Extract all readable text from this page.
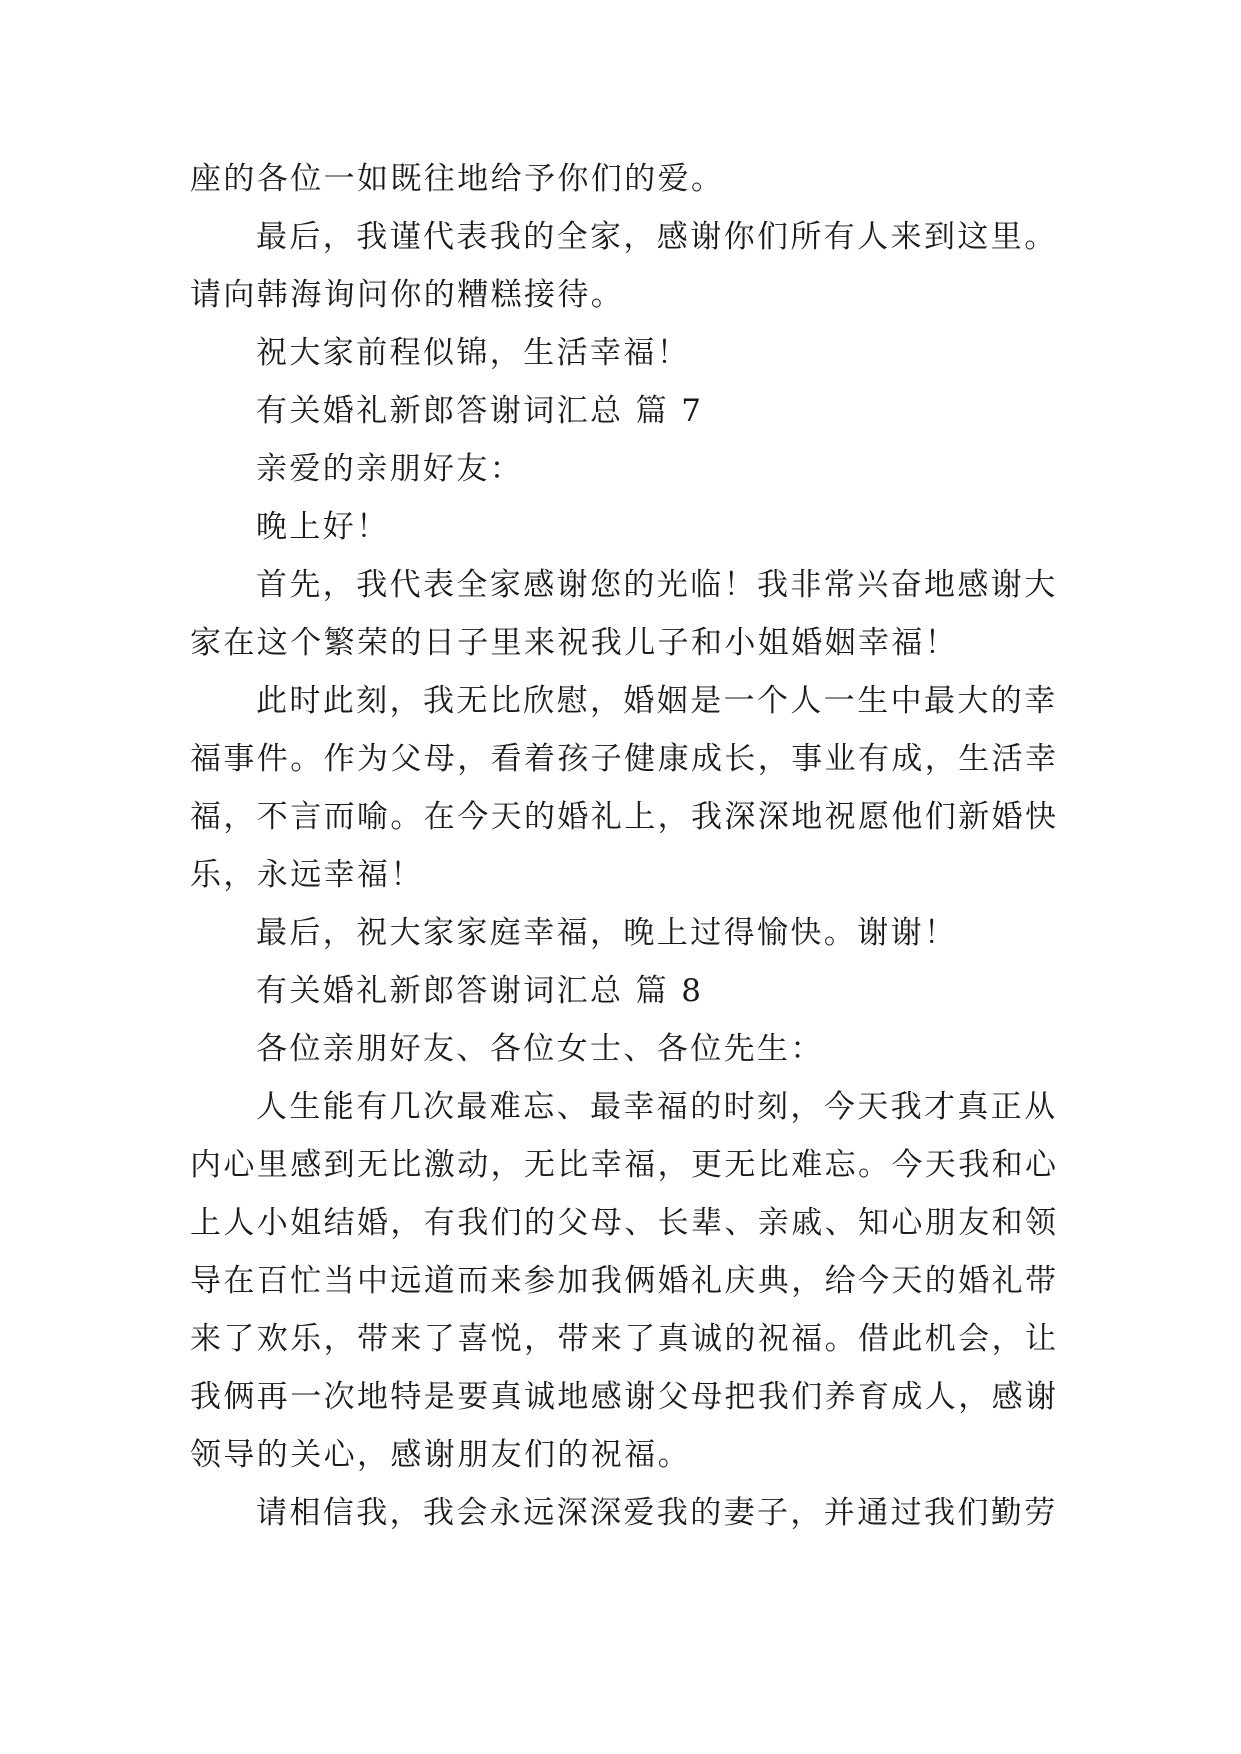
座的各位一如既往地给予你们的爱。

最后，我谨代表我的全家，感谢你们所有人来到这里。请向韩海询问你的糟糕接待。

祝大家前程似锦，生活幸福！

有关婚礼新郎答谢词汇总 篇 7

亲爱的亲朋好友：

晚上好！

首先，我代表全家感谢您的光临！我非常兴奋地感谢大家在这个繁荣的日子里来祝我儿子和小姐婚姻幸福！

此时此刻，我无比欣慰，婚姻是一个人一生中最大的幸福事件。作为父母，看着孩子健康成长，事业有成，生活幸福，不言而喻。在今天的婚礼上，我深深地祝愿他们新婚快乐，永远幸福！

最后，祝大家家庭幸福，晚上过得愉快。谢谢！

有关婚礼新郎答谢词汇总 篇 8

各位亲朋好友、各位女士、各位先生：

人生能有几次最难忘、最幸福的时刻，今天我才真正从内心里感到无比激动，无比幸福，更无比难忘。今天我和心上人小姐结婚，有我们的父母、长辈、亲戚、知心朋友和领导在百忙当中远道而来参加我俩婚礼庆典，给今天的婚礼带来了欢乐，带来了喜悦，带来了真诚的祝福。借此机会，让我俩再一次地特是要真诚地感谢父母把我们养育成人，感谢领导的关心，感谢朋友们的祝福。

请相信我，我会永远深深爱我的妻子，并通过我们勤劳
